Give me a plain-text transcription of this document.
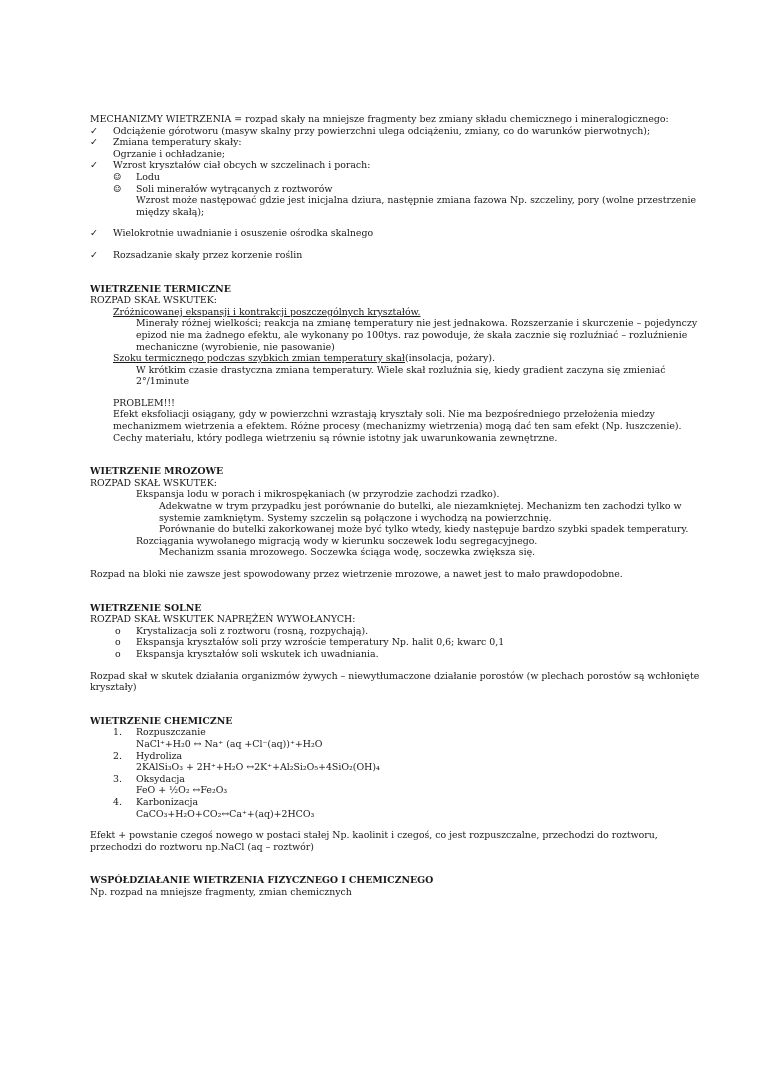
MECHANIZMY WIETRZENIA = rozpad skały na mniejsze fragmenty bez zmiany składu chemicznego i mineralogicznego:
✓ Odciążenie górotworu (masyw skalny przy powierzchni ulega odciążeniu, zmiany, co do warunków pierwotnych);
✓ Zmiana temperatury skały:
Ogrzanie i ochładzanie;
✓ Wzrost kryształów ciał obcych w szczelinach i porach:
☺ Lodu
☺ Soli minerałów wytrącanych z roztworów
Wzrost może następować gdzie jest inicjalna dziura, następnie zmiana fazowa Np. szczeliny, pory (wolne przestrzenie między skałą);
✓ Wielokrotnie uwadnianie i osuszenie ośrodka skalnego
✓ Rozsadzanie skały przez korzenie roślin
WIETRZENIE TERMICZNE
ROZPAD SKAŁ WSKUTEK:
Zróżnicowanej ekspansji i kontrakcji poszczególnych kryształów.
Minerały różnej wielkości; reakcja na zmianę temperatury nie jest jednakowa. Rozszerzanie i skurczenie – pojedynczy epizod nie ma żadnego efektu, ale wykonany po 100tys. raz powoduje, że skała zacznie się rozluźniać – rozluźnienie mechaniczne (wyrobienie, nie pasowanie)
Szoku termicznego podczas szybkich zmian temperatury skał(insolacja, pożary).
W krótkim czasie drastyczna zmiana temperatury. Wiele skał rozluźnia się, kiedy gradient zaczyna się zmieniać 2°/1minute
PROBLEM!!!
Efekt eksfoliacji osiągany, gdy w powierzchni wzrastają kryształy soli. Nie ma bezpośredniego przełożenia miedzy mechanizmem wietrzenia a efektem. Różne procesy (mechanizmy wietrzenia) mogą dać ten sam efekt (Np. łuszczenie). Cechy materiału, który podlega wietrzeniu są równie istotny jak uwarunkowania zewnętrzne.
WIETRZENIE MROZOWE
ROZPAD SKAŁ WSKUTEK:
Ekspansja lodu w porach i mikrospękaniach (w przyrodzie zachodzi rzadko).
Adekwatne w trym przypadku jest porównanie do butelki, ale niezamkniętej. Mechanizm ten zachodzi tylko w systemie zamkniętym. Systemy szczelin są połączone i wychodzą na powierzchnię.
Porównanie do butelki zakorkowanej może być tylko wtedy, kiedy następuje bardzo szybki spadek temperatury.
Rozciągania wywołanego migracją wody w kierunku soczewek lodu segregacyjnego.
Mechanizm ssania mrozowego. Soczewka ściąga wodę, soczewka zwiększa się.
Rozpad na bloki nie zawsze jest spowodowany przez wietrzenie mrozowe, a nawet jest to mało prawdopodobne.
WIETRZENIE SOLNE
ROZPAD SKAŁ WSKUTEK NAPRĘŻEŃ WYWOŁANYCH:
o Krystalizacja soli z roztworu (rosną, rozpychają).
o Ekspansja kryształów soli przy wzroście temperatury Np. halit 0,6; kwarc 0,1
o Ekspansja kryształów soli wskutek ich uwadniania.
Rozpad skał w skutek działania organizmów żywych – niewytłumaczone działanie porostów (w plechach porostów są wchłonięte kryształy)
WIETRZENIE CHEMICZNE
1. Rozpuszczanie
NaCl⁺+H₂0 ↔ Na⁺ (aq +Cl⁻(aq))⁺+H₂O
2. Hydroliza
2KAlSi₃O₃ + 2H⁺+H₂O ↔2K⁺+Al₂Si₂O₅+4SiO₂(OH)₄
3. Oksydacja
FeO + ½O₂ ↔Fe₂O₃
4. Karbonizacja
CaCO₃+H₂O+CO₂↔Ca⁺+(aq)+2HCO₃
Efekt + powstanie czegoś nowego w postaci stałej Np. kaolinit i czegoś, co jest rozpuszczalne, przechodzi do roztworu, przechodzi do roztworu np.NaCl (aq – roztwór)
WSPÓŁDZIAŁANIE WIETRZENIA FIZYCZNEGO I CHEMICZNEGO
Np. rozpad na mniejsze fragmenty, zmian chemicznych
